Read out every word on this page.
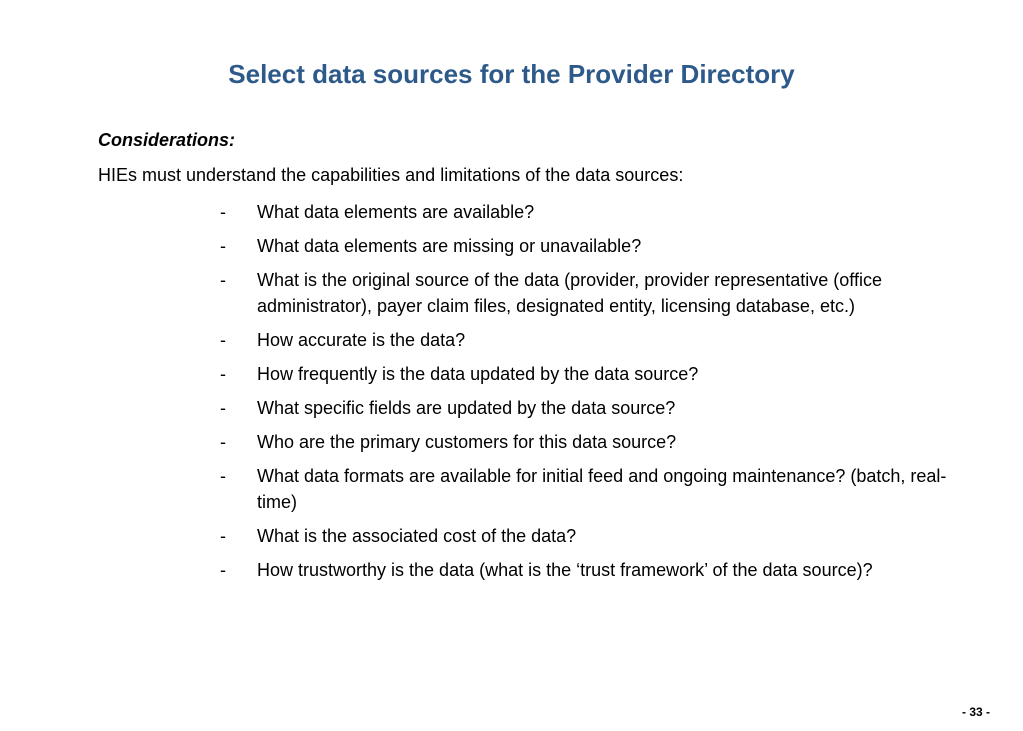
Select data sources for the Provider Directory
Considerations:
HIEs must understand the capabilities and limitations of the data sources:
-	What data elements are available?
-	What data elements are missing or unavailable?
-	What is the original source of the data (provider, provider representative (office administrator), payer claim files, designated entity, licensing database, etc.)
-	How accurate is the data?
-	How frequently is the data updated by the data source?
-	What specific fields are updated by the data source?
-	Who are the primary customers for this data source?
-	What data formats are available for initial feed and ongoing maintenance? (batch, real-time)
-	What is the associated cost of the data?
-	How trustworthy is the data (what is the ‘trust framework’ of the data source)?
- 33 -
